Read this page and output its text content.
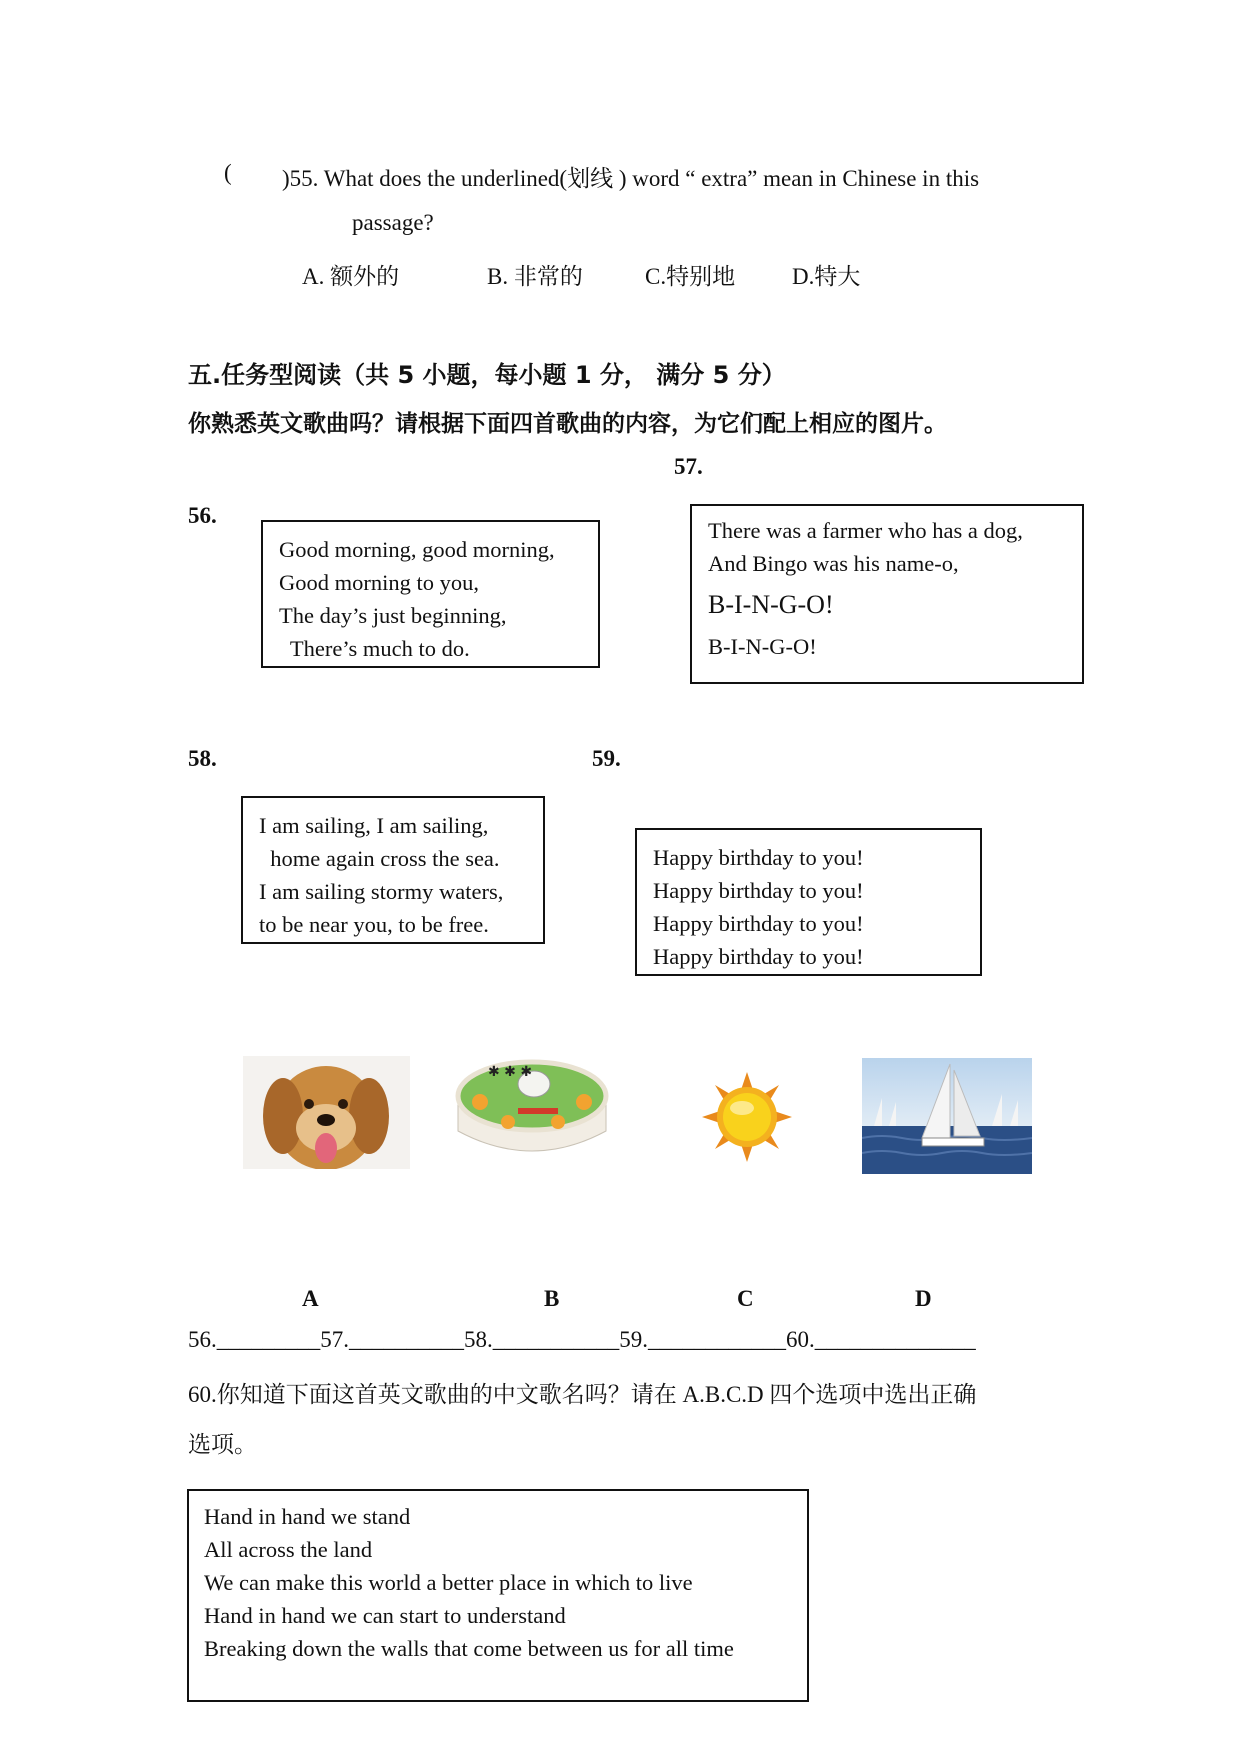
( )55. What does the underlined(划线 ) word “ extra” mean in Chinese in this
passage?
A. 额外的	B. 非常的	C.特别地 D.特大
五.任务型阅读（共 5 小题，每小题 1 分， 满分 5 分）
你熟悉英文歌曲吗？请根据下面四首歌曲的内容，为它们配上相应的图片。
56.
57.
58.	59.
Good morning, good morning,
Good morning to you,
The day’s just beginning,
There’s much to do.
There was a farmer who has a dog,
And Bingo was his name-o,
B-I-N-G-O!
B-I-N-G-O!
I am sailing, I am sailing,
home again cross the sea.
I am sailing stormy waters,
to be near you, to be free.
Happy birthday to you!
Happy birthday to you!
Happy birthday to you!
Happy birthday to you!
✱ ✱ ✱
A	B	C	D
56._________57.__________58.___________59.____________60.______________
60.你知道下面这首英文歌曲的中文歌名吗？请在 A.B.C.D 四个选项中选出正确
选项。
Hand in hand we stand
All across the land
We can make this world a better place in which to live
Hand in hand we can start to understand
Breaking down the walls that come between us for all time
